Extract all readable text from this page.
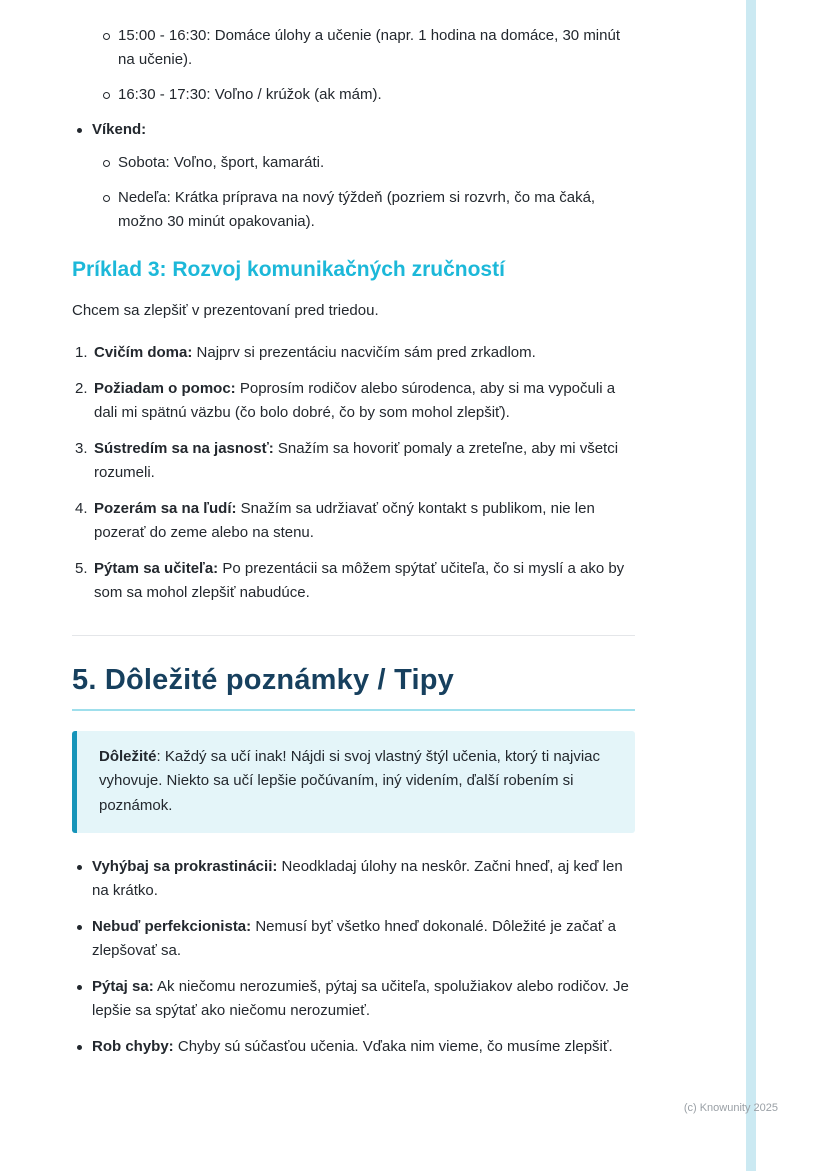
15:00 - 16:30: Domáce úlohy a učenie (napr. 1 hodina na domáce, 30 minút na učenie).
16:30 - 17:30: Voľno / krúžok (ak mám).
Víkend:
Sobota: Voľno, šport, kamaráti.
Nedeľa: Krátka príprava na nový týždeň (pozriem si rozvrh, čo ma čaká, možno 30 minút opakovania).
Príklad 3: Rozvoj komunikačných zručností

Chcem sa zlepšiť v prezentovaní pred triedou.

Cvičím doma: Najprv si prezentáciu nacvičím sám pred zrkadlom.
Požiadam o pomoc: Poprosím rodičov alebo súrodenca, aby si ma vypočuli a dali mi spätnú väzbu (čo bolo dobré, čo by som mohol zlepšiť).
Sústredím sa na jasnosť: Snažím sa hovoriť pomaly a zreteľne, aby mi všetci rozumeli.
Pozerám sa na ľudí: Snažím sa udržiavať očný kontakt s publikom, nie len pozerať do zeme alebo na stenu.
Pýtam sa učiteľa: Po prezentácii sa môžem spýtať učiteľa, čo si myslí a ako by som sa mohol zlepšiť nabudúce.
5. Dôležité poznámky / Tipy
Dôležité: Každý sa učí inak! Nájdi si svoj vlastný štýl učenia, ktorý ti najviac vyhovuje. Niekto sa učí lepšie počúvaním, iný videním, ďalší robením si poznámok.
Vyhýbaj sa prokrastinácii: Neodkladaj úlohy na neskôr. Začni hneď, aj keď len na krátko.
Nebuď perfekcionista: Nemusí byť všetko hneď dokonalé. Dôležité je začať a zlepšovať sa.
Pýtaj sa: Ak niečomu nerozumieš, pýtaj sa učiteľa, spolužiakov alebo rodičov. Je lepšie sa spýtať ako niečomu nerozumieť.
Rob chyby: Chyby sú súčasťou učenia. Vďaka nim vieme, čo musíme zlepšiť.
(c) Knowunity 2025
